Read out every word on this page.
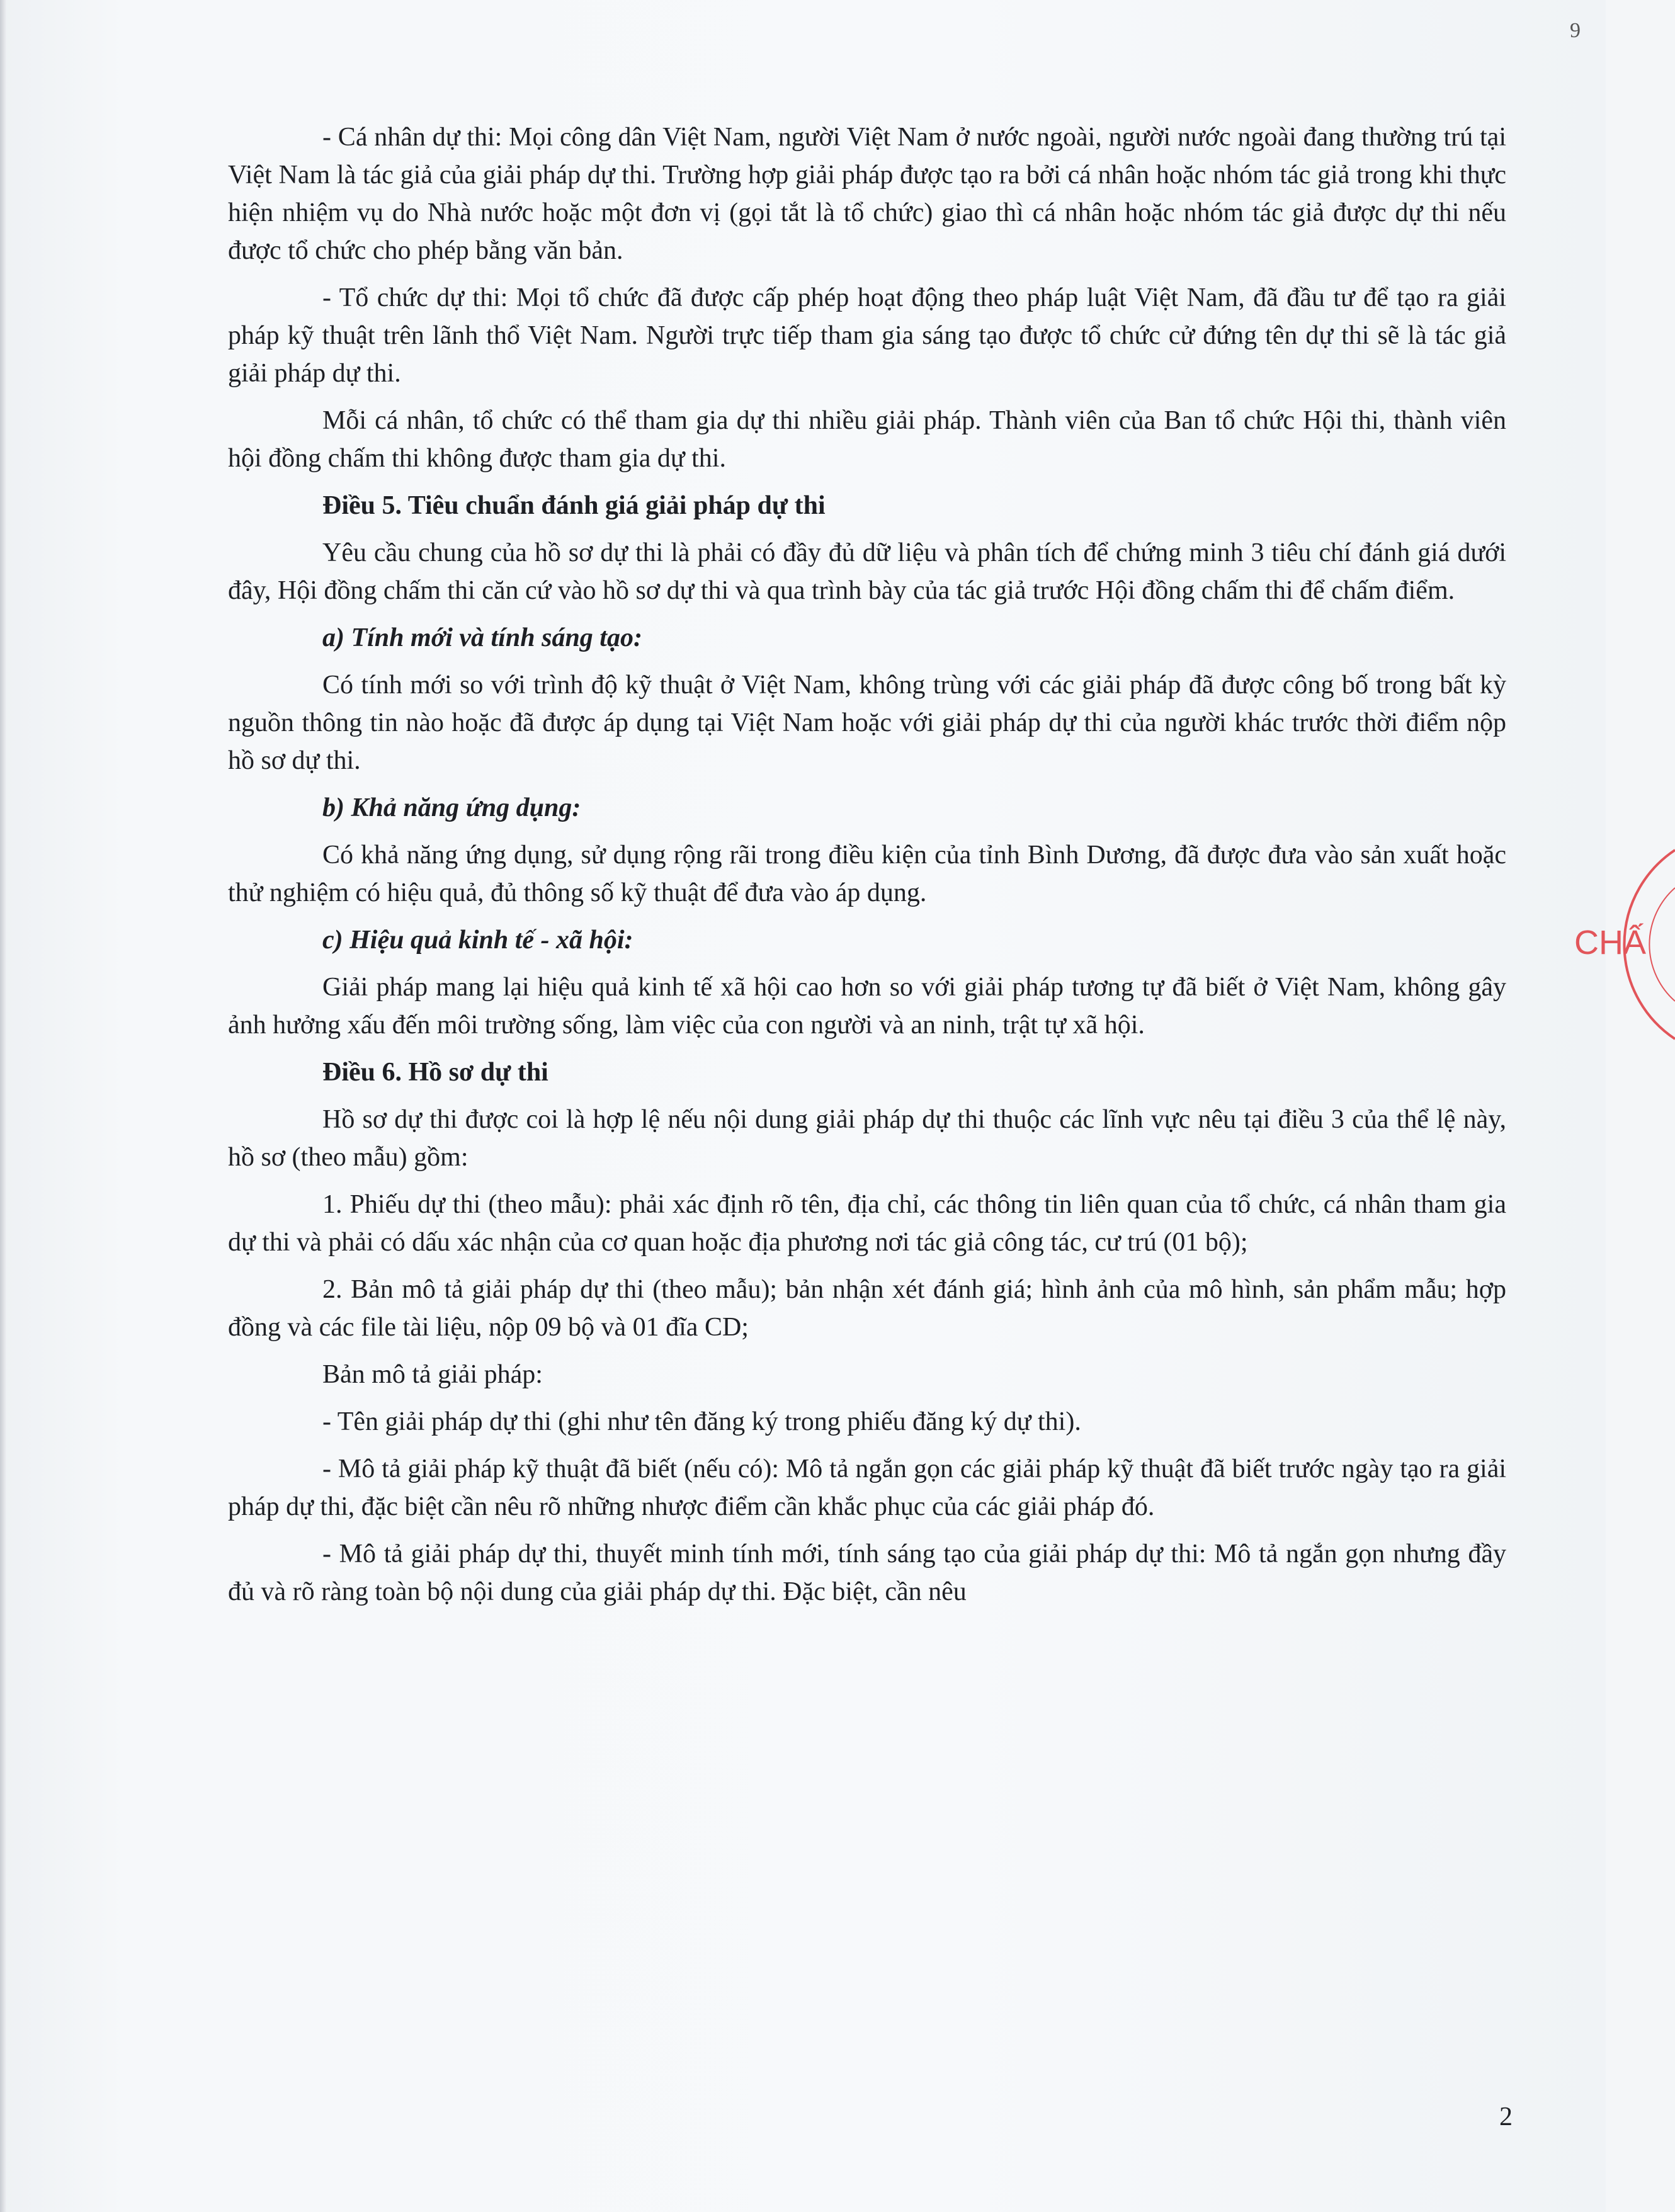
9

- Cá nhân dự thi: Mọi công dân Việt Nam, người Việt Nam ở nước ngoài, người nước ngoài đang thường trú tại Việt Nam là tác giả của giải pháp dự thi. Trường hợp giải pháp được tạo ra bởi cá nhân hoặc nhóm tác giả trong khi thực hiện nhiệm vụ do Nhà nước hoặc một đơn vị (gọi tắt là tổ chức) giao thì cá nhân hoặc nhóm tác giả được dự thi nếu được tổ chức cho phép bằng văn bản.

- Tổ chức dự thi: Mọi tổ chức đã được cấp phép hoạt động theo pháp luật Việt Nam, đã đầu tư để tạo ra giải pháp kỹ thuật trên lãnh thổ Việt Nam. Người trực tiếp tham gia sáng tạo được tổ chức cử đứng tên dự thi sẽ là tác giả giải pháp dự thi.

Mỗi cá nhân, tổ chức có thể tham gia dự thi nhiều giải pháp. Thành viên của Ban tổ chức Hội thi, thành viên hội đồng chấm thi không được tham gia dự thi.

Điều 5. Tiêu chuẩn đánh giá giải pháp dự thi

Yêu cầu chung của hồ sơ dự thi là phải có đầy đủ dữ liệu và phân tích để chứng minh 3 tiêu chí đánh giá dưới đây, Hội đồng chấm thi căn cứ vào hồ sơ dự thi và qua trình bày của tác giả trước Hội đồng chấm thi để chấm điểm.

a) Tính mới và tính sáng tạo:

Có tính mới so với trình độ kỹ thuật ở Việt Nam, không trùng với các giải pháp đã được công bố trong bất kỳ nguồn thông tin nào hoặc đã được áp dụng tại Việt Nam hoặc với giải pháp dự thi của người khác trước thời điểm nộp hồ sơ dự thi.

b) Khả năng ứng dụng:

Có khả năng ứng dụng, sử dụng rộng rãi trong điều kiện của tỉnh Bình Dương, đã được đưa vào sản xuất hoặc thử nghiệm có hiệu quả, đủ thông số kỹ thuật để đưa vào áp dụng.

c) Hiệu quả kinh tế - xã hội:

Giải pháp mang lại hiệu quả kinh tế xã hội cao hơn so với giải pháp tương tự đã biết ở Việt Nam, không gây ảnh hưởng xấu đến môi trường sống, làm việc của con người và an ninh, trật tự xã hội.

Điều 6. Hồ sơ dự thi

Hồ sơ dự thi được coi là hợp lệ nếu nội dung giải pháp dự thi thuộc các lĩnh vực nêu tại điều 3 của thể lệ này, hồ sơ (theo mẫu) gồm:

1. Phiếu dự thi (theo mẫu): phải xác định rõ tên, địa chỉ, các thông tin liên quan của tổ chức, cá nhân tham gia dự thi và phải có dấu xác nhận của cơ quan hoặc địa phương nơi tác giả công tác, cư trú (01 bộ);

2. Bản mô tả giải pháp dự thi (theo mẫu); bản nhận xét đánh giá; hình ảnh của mô hình, sản phẩm mẫu; hợp đồng và các file tài liệu, nộp 09 bộ và 01 đĩa CD;

Bản mô tả giải pháp:

- Tên giải pháp dự thi (ghi như tên đăng ký trong phiếu đăng ký dự thi).

- Mô tả giải pháp kỹ thuật đã biết (nếu có): Mô tả ngắn gọn các giải pháp kỹ thuật đã biết trước ngày tạo ra giải pháp dự thi, đặc biệt cần nêu rõ những nhược điểm cần khắc phục của các giải pháp đó.

- Mô tả giải pháp dự thi, thuyết minh tính mới, tính sáng tạo của giải pháp dự thi: Mô tả ngắn gọn nhưng đầy đủ và rõ ràng toàn bộ nội dung của giải pháp dự thi. Đặc biệt, cần nêu

CHẤ
2
